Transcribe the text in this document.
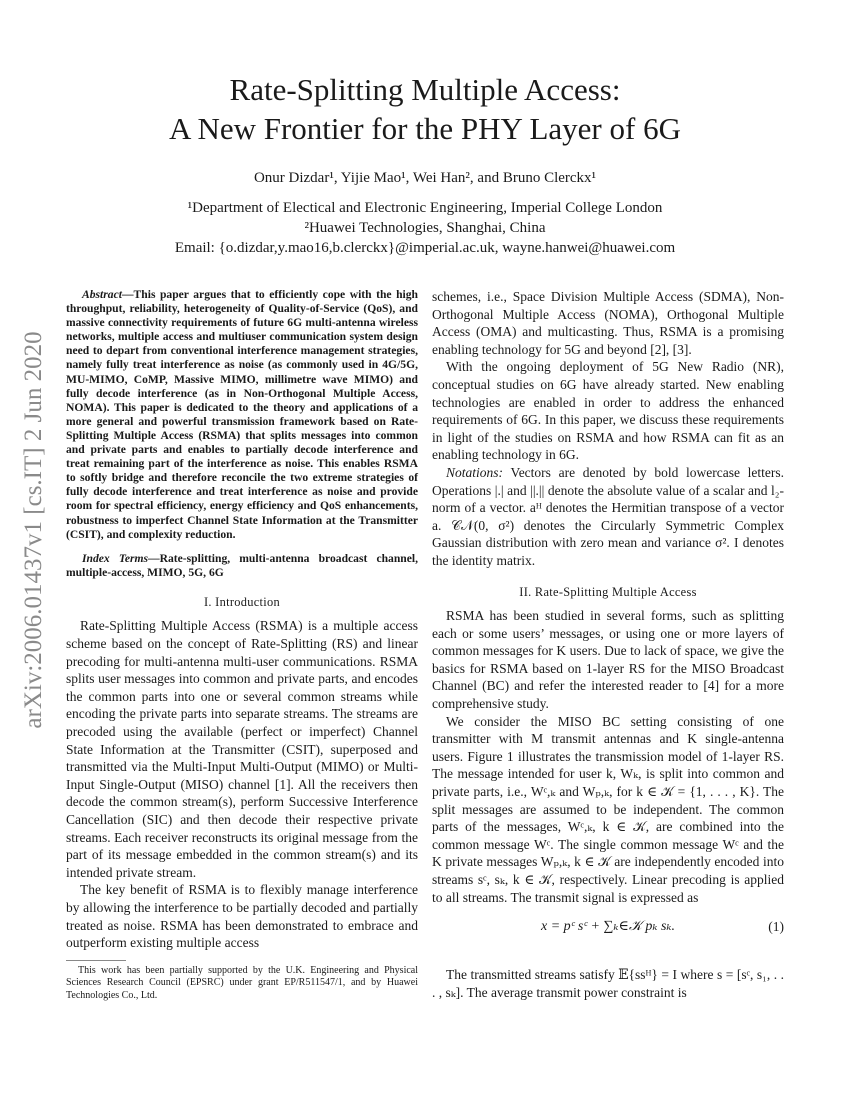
Rate-Splitting Multiple Access:
A New Frontier for the PHY Layer of 6G
Onur Dizdar¹, Yijie Mao¹, Wei Han², and Bruno Clerckx¹
¹Department of Electical and Electronic Engineering, Imperial College London
²Huawei Technologies, Shanghai, China
Email: {o.dizdar,y.mao16,b.clerckx}@imperial.ac.uk, wayne.hanwei@huawei.com
arXiv:2006.01437v1 [cs.IT] 2 Jun 2020

Abstract—This paper argues that to efficiently cope with the high throughput, reliability, heterogeneity of Quality-of-Service (QoS), and massive connectivity requirements of future 6G multi-antenna wireless networks, multiple access and multiuser communication system design need to depart from conventional interference management strategies, namely fully treat interference as noise (as commonly used in 4G/5G, MU-MIMO, CoMP, Massive MIMO, millimetre wave MIMO) and fully decode interference (as in Non-Orthogonal Multiple Access, NOMA). This paper is dedicated to the theory and applications of a more general and powerful transmission framework based on Rate-Splitting Multiple Access (RSMA) that splits messages into common and private parts and enables to partially decode interference and treat remaining part of the interference as noise. This enables RSMA to softly bridge and therefore reconcile the two extreme strategies of fully decode interference and treat interference as noise and provide room for spectral efficiency, energy efficiency and QoS enhancements, robustness to imperfect Channel State Information at the Transmitter (CSIT), and complexity reduction.

Index Terms—Rate-splitting, multi-antenna broadcast channel, multiple-access, MIMO, 5G, 6G

I. Introduction

Rate-Splitting Multiple Access (RSMA) is a multiple access scheme based on the concept of Rate-Splitting (RS) and linear precoding for multi-antenna multi-user communications. RSMA splits user messages into common and private parts, and encodes the common parts into one or several common streams while encoding the private parts into separate streams. The streams are precoded using the available (perfect or imperfect) Channel State Information at the Transmitter (CSIT), superposed and transmitted via the Multi-Input Multi-Output (MIMO) or Multi-Input Single-Output (MISO) channel [1]. All the receivers then decode the common stream(s), perform Successive Interference Cancellation (SIC) and then decode their respective private streams. Each receiver reconstructs its original message from the part of its message embedded in the common stream(s) and its intended private stream.

The key benefit of RSMA is to flexibly manage interference by allowing the interference to be partially decoded and partially treated as noise. RSMA has been demonstrated to embrace and outperform existing multiple access

This work has been partially supported by the U.K. Engineering and Physical Sciences Research Council (EPSRC) under grant EP/R511547/1, and by Huawei Technologies Co., Ltd.

schemes, i.e., Space Division Multiple Access (SDMA), Non-Orthogonal Multiple Access (NOMA), Orthogonal Multiple Access (OMA) and multicasting. Thus, RSMA is a promising enabling technology for 5G and beyond [2], [3].

With the ongoing deployment of 5G New Radio (NR), conceptual studies on 6G have already started. New enabling technologies are enabled in order to address the enhanced requirements of 6G. In this paper, we discuss these requirements in light of the studies on RSMA and how RSMA can fit as an enabling technology in 6G.

Notations: Vectors are denoted by bold lowercase letters. Operations |.| and ||.|| denote the absolute value of a scalar and l₂-norm of a vector. aᴴ denotes the Hermitian transpose of a vector a. 𝒞𝒩(0, σ²) denotes the Circularly Symmetric Complex Gaussian distribution with zero mean and variance σ². I denotes the identity matrix.

II. Rate-Splitting Multiple Access

RSMA has been studied in several forms, such as splitting each or some users’ messages, or using one or more layers of common messages for K users. Due to lack of space, we give the basics for RSMA based on 1-layer RS for the MISO Broadcast Channel (BC) and refer the interested reader to [4] for a more comprehensive study.

We consider the MISO BC setting consisting of one transmitter with M transmit antennas and K single-antenna users. Figure 1 illustrates the transmission model of 1-layer RS. The message intended for user k, Wₖ, is split into common and private parts, i.e., Wᶜ,ₖ and Wₚ,ₖ, for k ∈ 𝒦 = {1, . . . , K}. The split messages are assumed to be independent. The common parts of the messages, Wᶜ,ₖ, k ∈ 𝒦, are combined into the common message Wᶜ. The single common message Wᶜ and the K private messages Wₚ,ₖ, k ∈ 𝒦 are independently encoded into streams sᶜ, sₖ, k ∈ 𝒦, respectively. Linear precoding is applied to all streams. The transmit signal is expressed as

x = pᶜ sᶜ + ∑ₖ∈𝒦 pₖ sₖ.	(1)

The transmitted streams satisfy 𝔼{ssᴴ} = I where s = [sᶜ, s₁, . . . , sₖ]. The average transmit power constraint is
